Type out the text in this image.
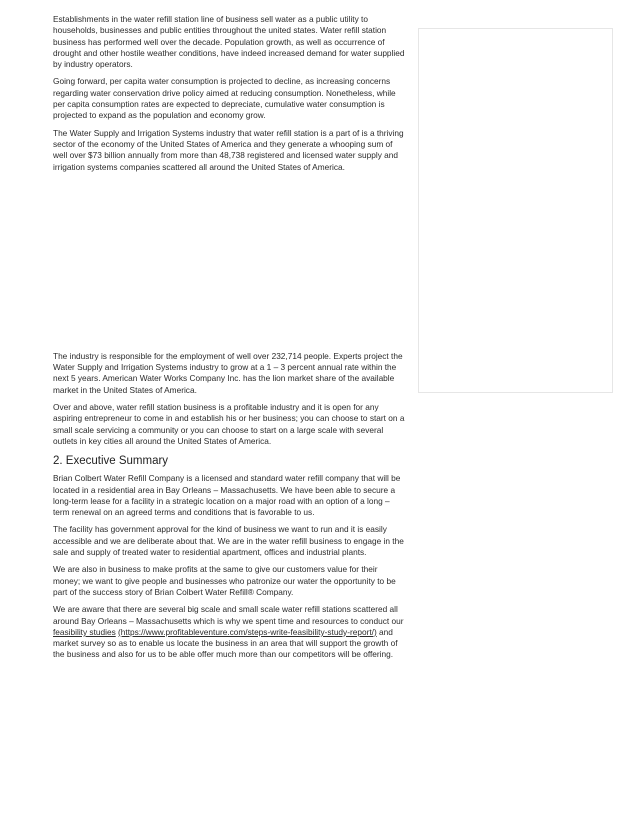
Establishments in the water refill station line of business sell water as a public utility to households, businesses and public entities throughout the united states. Water refill station business has performed well over the decade. Population growth, as well as occurrence of drought and other hostile weather conditions, have indeed increased demand for water supplied by industry operators.

Going forward, per capita water consumption is projected to decline, as increasing concerns regarding water conservation drive policy aimed at reducing consumption. Nonetheless, while per capita consumption rates are expected to depreciate, cumulative water consumption is projected to expand as the population and economy grow.

The Water Supply and Irrigation Systems industry that water refill station is a part of is a thriving sector of the economy of the United States of America and they generate a whooping sum of well over $73 billion annually from more than 48,738 registered and licensed water supply and irrigation systems companies scattered all around the United States of America.

The industry is responsible for the employment of well over 232,714 people. Experts project the Water Supply and Irrigation Systems industry to grow at a 1 – 3 percent annual rate within the next 5 years. American Water Works Company Inc. has the lion market share of the available market in the United States of America.

Over and above, water refill station business is a profitable industry and it is open for any aspiring entrepreneur to come in and establish his or her business; you can choose to start on a small scale servicing a community or you can choose to start on a large scale with several outlets in key cities all around the United States of America.

2. Executive Summary

Brian Colbert Water Refill Company is a licensed and standard water refill company that will be located in a residential area in Bay Orleans – Massachusetts. We have been able to secure a long-term lease for a facility in a strategic location on a major road with an option of a long – term renewal on an agreed terms and conditions that is favorable to us.

The facility has government approval for the kind of business we want to run and it is easily accessible and we are deliberate about that. We are in the water refill business to engage in the sale and supply of treated water to residential apartment, offices and industrial plants.

We are also in business to make profits at the same to give our customers value for their money; we want to give people and businesses who patronize our water the opportunity to be part of the success story of Brian Colbert Water Refill® Company.

We are aware that there are several big scale and small scale water refill stations scattered all around Bay Orleans – Massachusetts which is why we spent time and resources to conduct our feasibility studies (https://www.profitableventure.com/steps-write-feasibility-study-report/) and market survey so as to enable us locate the business in an area that will support the growth of the business and also for us to be able offer much more than our competitors will be offering.
